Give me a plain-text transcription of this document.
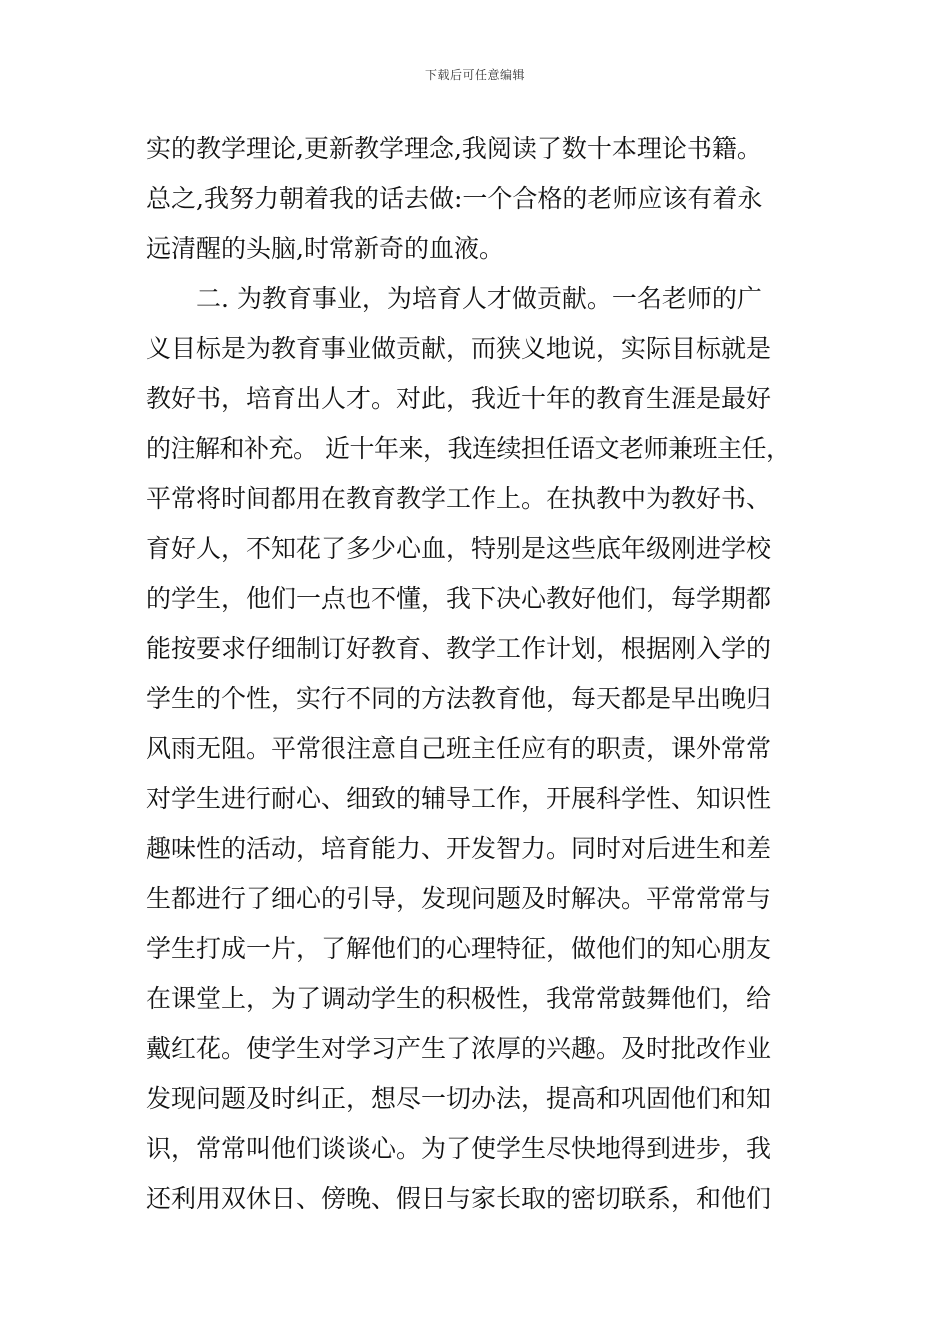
下载后可任意编辑
实的教学理论,更新教学理念,我阅读了数十本理论书籍。
总之,我努力朝着我的话去做:一个合格的老师应该有着永
远清醒的头脑,时常新奇的血液。
　　二. 为教育事业，为培育人才做贡献。一名老师的广
义目标是为教育事业做贡献，而狭义地说，实际目标就是
教好书，培育出人才。对此，我近十年的教育生涯是最好
的注解和补充。 近十年来，我连续担任语文老师兼班主任，
平常将时间都用在教育教学工作上。在执教中为教好书、
育好人，不知花了多少心血，特别是这些底年级刚进学校
的学生，他们一点也不懂，我下决心教好他们，每学期都
能按要求仔细制订好教育、教学工作计划，根据刚入学的
学生的个性，实行不同的方法教育他，每天都是早出晚归
风雨无阻。平常很注意自己班主任应有的职责，课外常常
对学生进行耐心、细致的辅导工作，开展科学性、知识性
趣味性的活动，培育能力、开发智力。同时对后进生和差
生都进行了细心的引导，发现问题及时解决。平常常常与
学生打成一片，了解他们的心理特征，做他们的知心朋友
在课堂上，为了调动学生的积极性，我常常鼓舞他们，给
戴红花。使学生对学习产生了浓厚的兴趣。及时批改作业
发现问题及时纠正，想尽一切办法，提高和巩固他们和知
识，常常叫他们谈谈心。为了使学生尽快地得到进步，我
还利用双休日、傍晚、假日与家长取的密切联系，和他们
